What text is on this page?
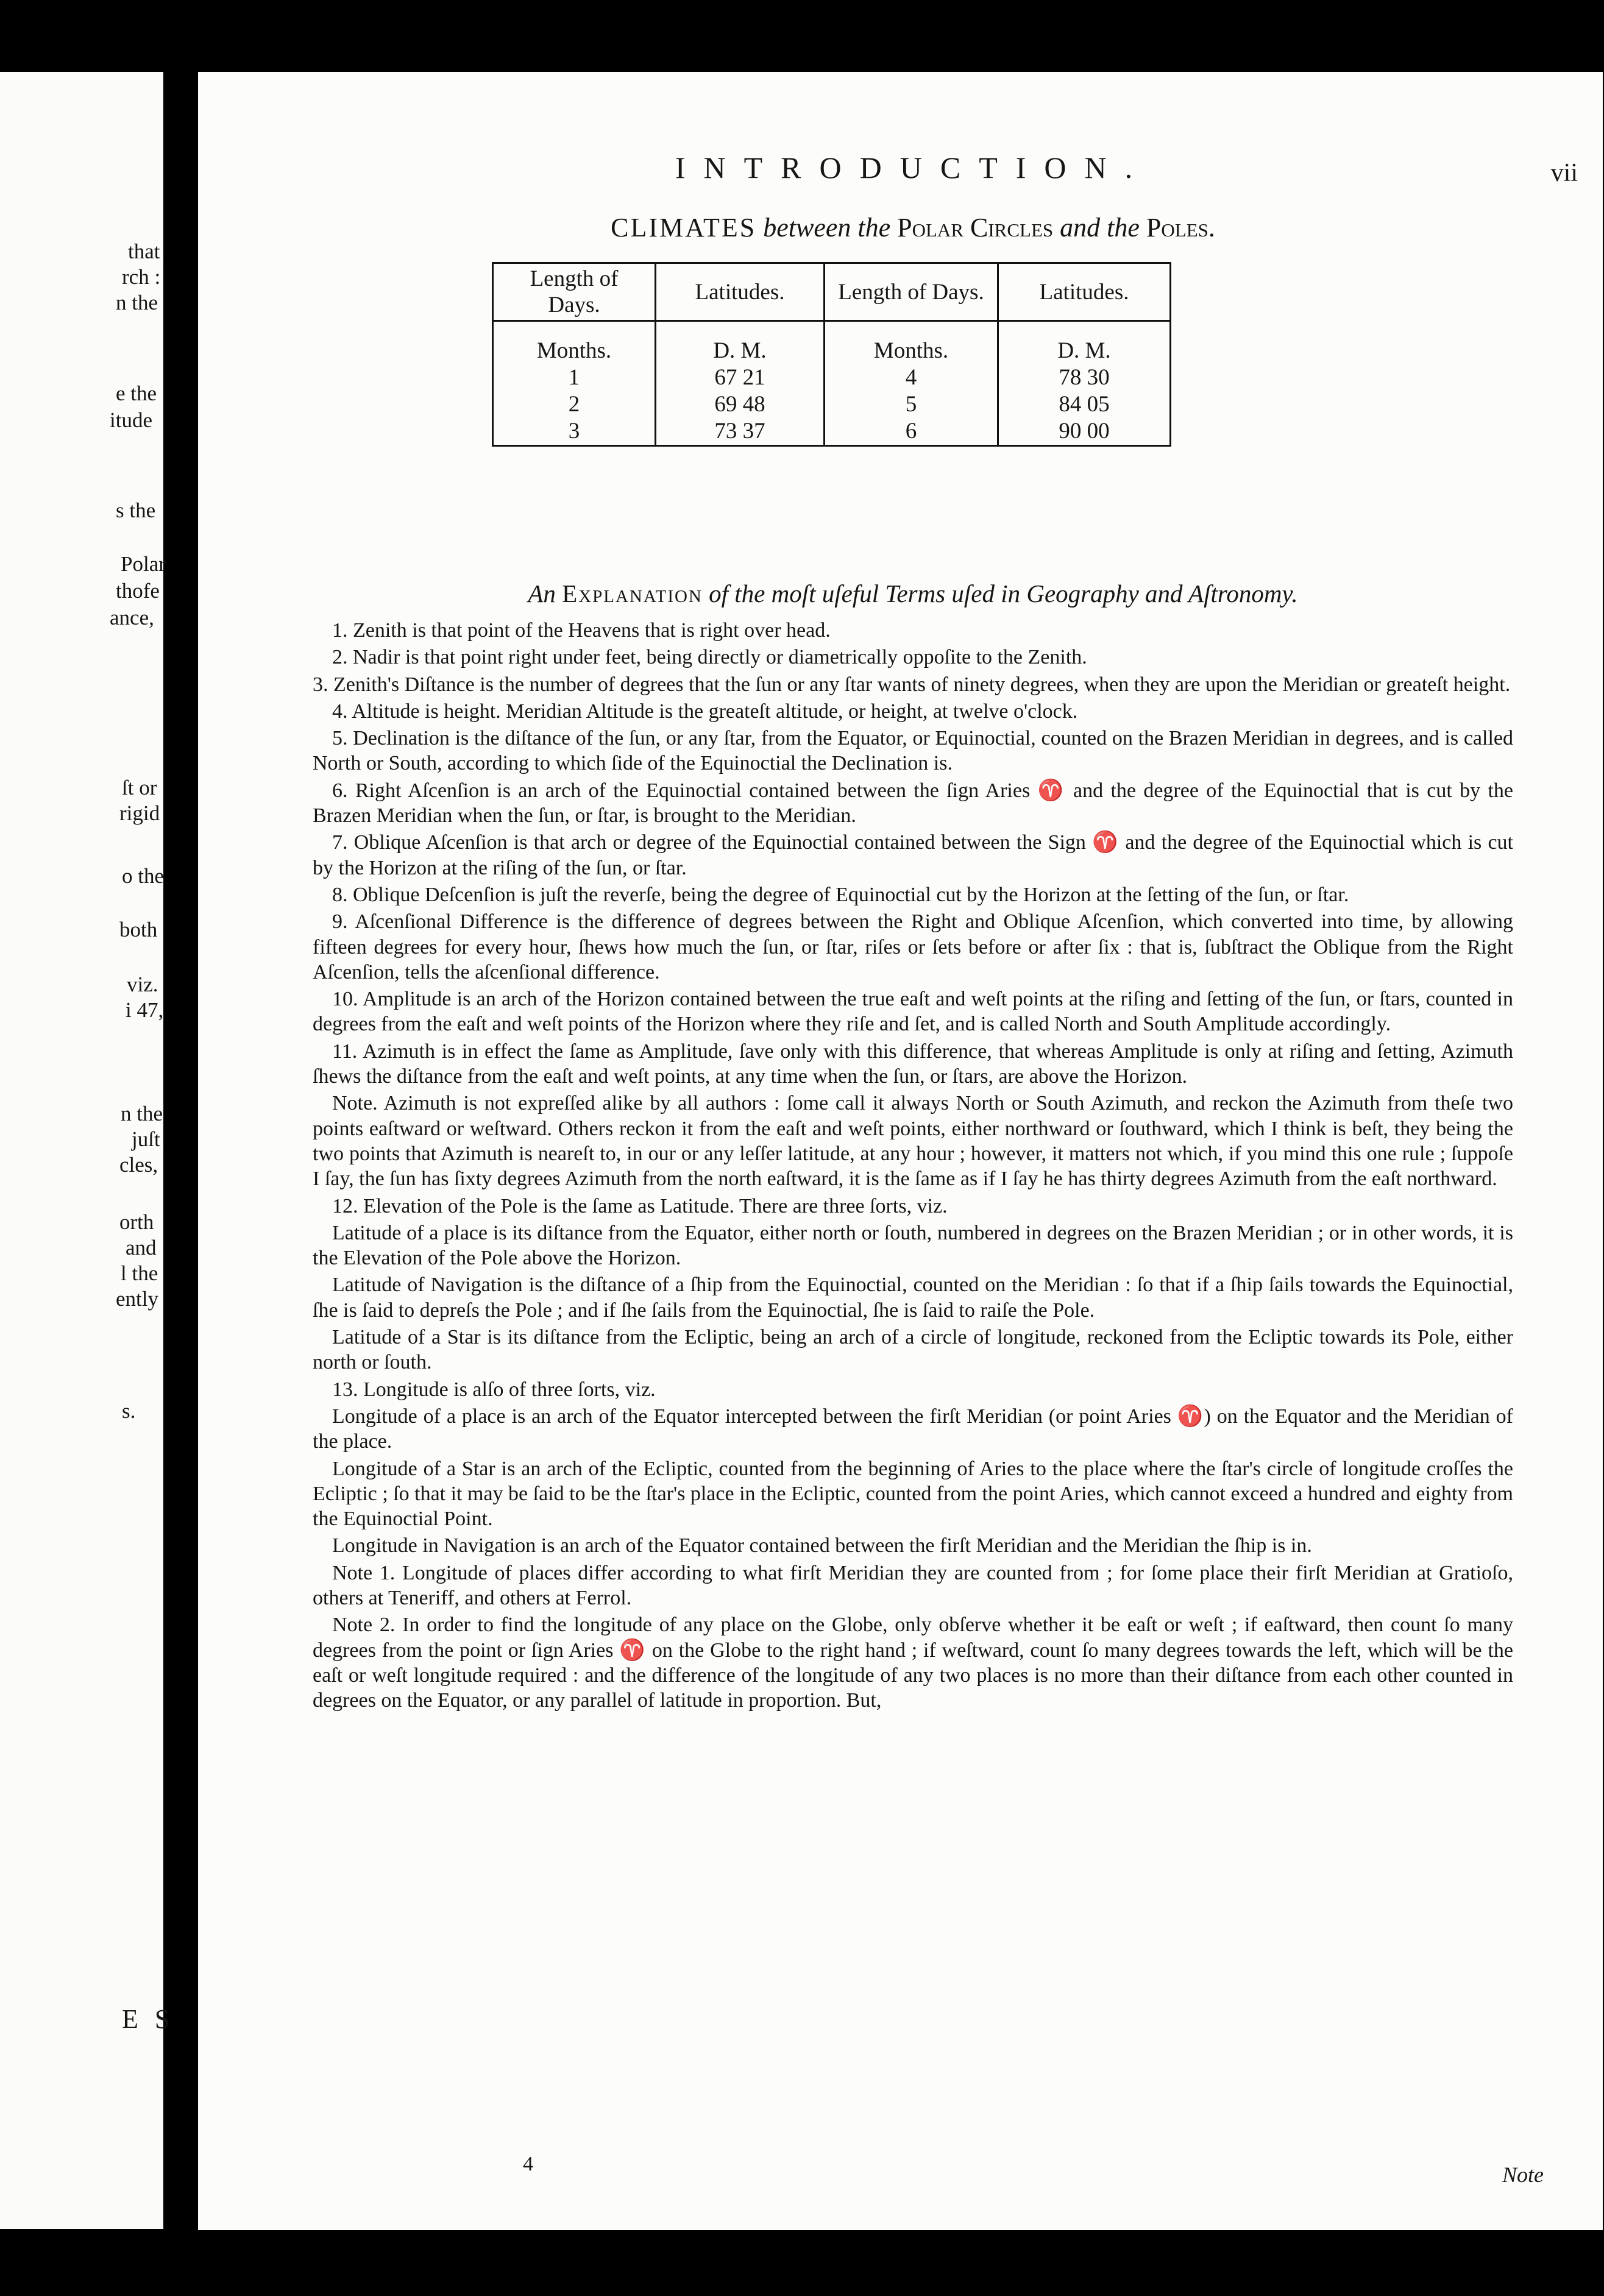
that
rch :
n the
e the
itude
s the
Polar
thofe
ance,
ſt or
rigid
o the
both
viz.
i 47,
n the
juſt
cles,
orth
and
l the
ently
s.
E S
INTRODUCTION.	vii
CLIMATES between the Polar Circles and the Poles.
Length of Days.	Latitudes.	Length of Days.	Latitudes.
Months.	D. M.	Months.	D. M.
1	67 21	4	78 30
2	69 48	5	84 05
3	73 37	6	90 00
An Explanation of the moſt uſeful Terms uſed in Geography and Aſtronomy.

1. Zenith is that point of the Heavens that is right over head.

2. Nadir is that point right under feet, being directly or diametrically oppoſite to the Zenith.

3. Zenith's Diſtance is the number of degrees that the ſun or any ſtar wants of ninety degrees, when they are upon the Meridian or greateſt height.

4. Altitude is height. Meridian Altitude is the greateſt altitude, or height, at twelve o'clock.

5. Declination is the diſtance of the ſun, or any ſtar, from the Equator, or Equinoctial, counted on the Brazen Meridian in degrees, and is called North or South, according to which ſide of the Equinoctial the Declination is.

6. Right Aſcenſion is an arch of the Equinoctial contained between the ſign Aries ♈ and the degree of the Equinoctial that is cut by the Brazen Meridian when the ſun, or ſtar, is brought to the Meridian.

7. Oblique Aſcenſion is that arch or degree of the Equinoctial contained between the Sign ♈ and the degree of the Equinoctial which is cut by the Horizon at the riſing of the ſun, or ſtar.

8. Oblique Deſcenſion is juſt the reverſe, being the degree of Equinoctial cut by the Horizon at the ſetting of the ſun, or ſtar.

9. Aſcenſional Difference is the difference of degrees between the Right and Oblique Aſcenſion, which converted into time, by allowing fifteen degrees for every hour, ſhews how much the ſun, or ſtar, riſes or ſets before or after ſix : that is, ſubſtract the Oblique from the Right Aſcenſion, tells the aſcenſional difference.

10. Amplitude is an arch of the Horizon contained between the true eaſt and weſt points at the riſing and ſetting of the ſun, or ſtars, counted in degrees from the eaſt and weſt points of the Horizon where they riſe and ſet, and is called North and South Amplitude accordingly.

11. Azimuth is in effect the ſame as Amplitude, ſave only with this difference, that whereas Amplitude is only at riſing and ſetting, Azimuth ſhews the diſtance from the eaſt and weſt points, at any time when the ſun, or ſtars, are above the Horizon.

Note. Azimuth is not expreſſed alike by all authors : ſome call it always North or South Azimuth, and reckon the Azimuth from theſe two points eaſtward or weſtward. Others reckon it from the eaſt and weſt points, either northward or ſouthward, which I think is beſt, they being the two points that Azimuth is neareſt to, in our or any leſſer latitude, at any hour ; however, it matters not which, if you mind this one rule ; ſuppoſe I ſay, the ſun has ſixty degrees Azimuth from the north eaſtward, it is the ſame as if I ſay he has thirty degrees Azimuth from the eaſt northward.

12. Elevation of the Pole is the ſame as Latitude. There are three ſorts, viz.

Latitude of a place is its diſtance from the Equator, either north or ſouth, numbered in degrees on the Brazen Meridian ; or in other words, it is the Elevation of the Pole above the Horizon.

Latitude of Navigation is the diſtance of a ſhip from the Equinoctial, counted on the Meridian : ſo that if a ſhip ſails towards the Equinoctial, ſhe is ſaid to depreſs the Pole ; and if ſhe ſails from the Equinoctial, ſhe is ſaid to raiſe the Pole.

Latitude of a Star is its diſtance from the Ecliptic, being an arch of a circle of longitude, reckoned from the Ecliptic towards its Pole, either north or ſouth.

13. Longitude is alſo of three ſorts, viz.

Longitude of a place is an arch of the Equator intercepted between the firſt Meridian (or point Aries ♈) on the Equator and the Meridian of the place.

Longitude of a Star is an arch of the Ecliptic, counted from the beginning of Aries to the place where the ſtar's circle of longitude croſſes the Ecliptic ; ſo that it may be ſaid to be the ſtar's place in the Ecliptic, counted from the point Aries, which cannot exceed a hundred and eighty from the Equinoctial Point.

Longitude in Navigation is an arch of the Equator contained between the firſt Meridian and the Meridian the ſhip is in.

Note 1. Longitude of places differ according to what firſt Meridian they are counted from ; for ſome place their firſt Meridian at Gratioſo, others at Teneriff, and others at Ferrol.

Note 2. In order to find the longitude of any place on the Globe, only obſerve whether it be eaſt or weſt ; if eaſtward, then count ſo many degrees from the point or ſign Aries ♈ on the Globe to the right hand ; if weſtward, count ſo many degrees towards the left, which will be the eaſt or weſt longitude required : and the difference of the longitude of any two places is no more than their diſtance from each other counted in degrees on the Equator, or any parallel of latitude in proportion. But,

4	Note
